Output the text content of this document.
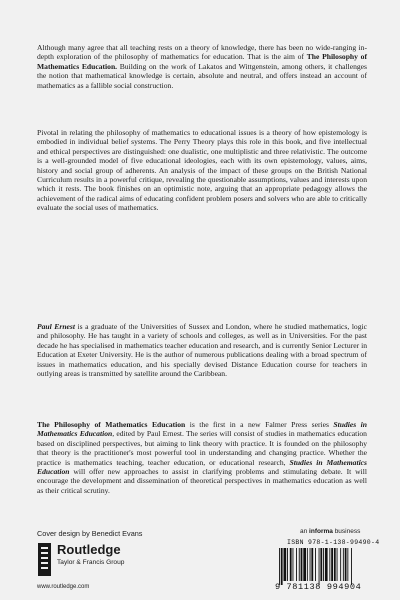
Although many agree that all teaching rests on a theory of knowledge, there has been no wide-ranging in-depth exploration of the philosophy of mathematics for education. That is the aim of The Philosophy of Mathematics Education. Building on the work of Lakatos and Wittgenstein, among others, it challenges the notion that mathematical knowledge is certain, absolute and neutral, and offers instead an account of mathematics as a fallible social construction.

Pivotal in relating the philosophy of mathematics to educational issues is a theory of how epistemology is embodied in individual belief systems. The Perry Theory plays this role in this book, and five intellectual and ethical perspectives are distinguished: one dualistic, one multiplistic and three relativistic. The outcome is a well-grounded model of five educational ideologies, each with its own epistemology, values, aims, history and social group of adherents. An analysis of the impact of these groups on the British National Curriculum results in a powerful critique, revealing the questionable assumptions, values and interests upon which it rests. The book finishes on an optimistic note, arguing that an appropriate pedagogy allows the achievement of the radical aims of educating confident problem posers and solvers who are able to critically evaluate the social uses of mathematics.

Paul Ernest is a graduate of the Universities of Sussex and London, where he studied mathematics, logic and philosophy. He has taught in a variety of schools and colleges, as well as in Universities. For the past decade he has specialised in mathematics teacher education and research, and is currently Senior Lecturer in Education at Exeter University. He is the author of numerous publications dealing with a broad spectrum of issues in mathematics education, and his specially devised Distance Education course for teachers in outlying areas is transmitted by satellite around the Caribbean.

The Philosophy of Mathematics Education is the first in a new Falmer Press series Studies in Mathematics Education, edited by Paul Ernest. The series will consist of studies in mathematics education based on disciplined perspectives, but aiming to link theory with practice. It is founded on the philosophy that theory is the practitioner's most powerful tool in understanding and changing practice. Whether the practice is mathematics teaching, teacher education, or educational research, Studies in Mathematics Education will offer new approaches to assist in clarifying problems and stimulating debate. It will encourage the development and dissemination of theoretical perspectives in mathematics education as well as their critical scrutiny.

Cover design by Benedict Evans
Routledge
Taylor & Francis Group
www.routledge.com
an informa business
ISBN 978-1-138-99490-4
9 781138 994904
